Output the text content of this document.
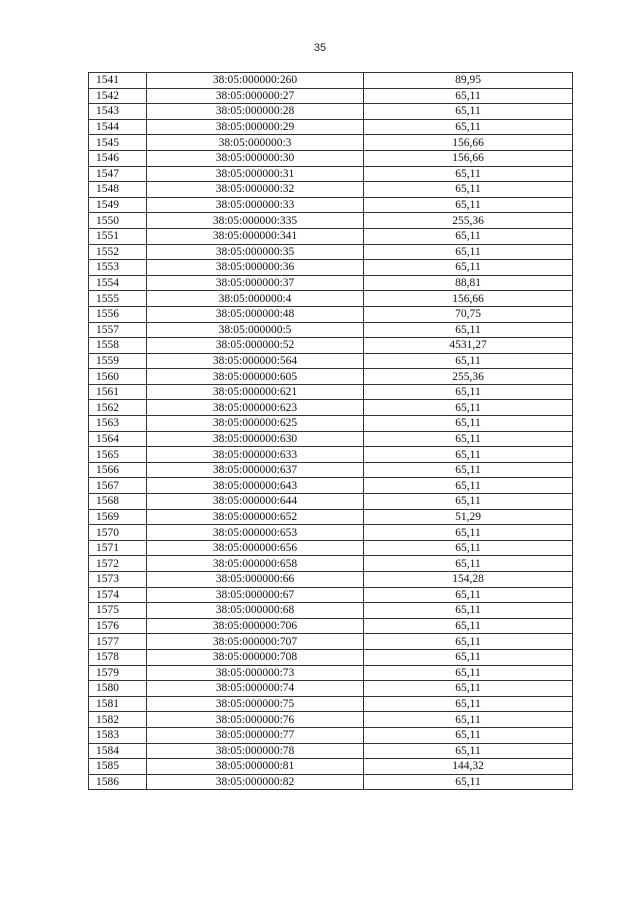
35
1541	38:05:000000:260	89,95
1542	38:05:000000:27	65,11
1543	38:05:000000:28	65,11
1544	38:05:000000:29	65,11
1545	38:05:000000:3	156,66
1546	38:05:000000:30	156,66
1547	38:05:000000:31	65,11
1548	38:05:000000:32	65,11
1549	38:05:000000:33	65,11
1550	38:05:000000:335	255,36
1551	38:05:000000:341	65,11
1552	38:05:000000:35	65,11
1553	38:05:000000:36	65,11
1554	38:05:000000:37	88,81
1555	38:05:000000:4	156,66
1556	38:05:000000:48	70,75
1557	38:05:000000:5	65,11
1558	38:05:000000:52	4531,27
1559	38:05:000000:564	65,11
1560	38:05:000000:605	255,36
1561	38:05:000000:621	65,11
1562	38:05:000000:623	65,11
1563	38:05:000000:625	65,11
1564	38:05:000000:630	65,11
1565	38:05:000000:633	65,11
1566	38:05:000000:637	65,11
1567	38:05:000000:643	65,11
1568	38:05:000000:644	65,11
1569	38:05:000000:652	51,29
1570	38:05:000000:653	65,11
1571	38:05:000000:656	65,11
1572	38:05:000000:658	65,11
1573	38:05:000000:66	154,28
1574	38:05:000000:67	65,11
1575	38:05:000000:68	65,11
1576	38:05:000000:706	65,11
1577	38:05:000000:707	65,11
1578	38:05:000000:708	65,11
1579	38:05:000000:73	65,11
1580	38:05:000000:74	65,11
1581	38:05:000000:75	65,11
1582	38:05:000000:76	65,11
1583	38:05:000000:77	65,11
1584	38:05:000000:78	65,11
1585	38:05:000000:81	144,32
1586	38:05:000000:82	65,11
